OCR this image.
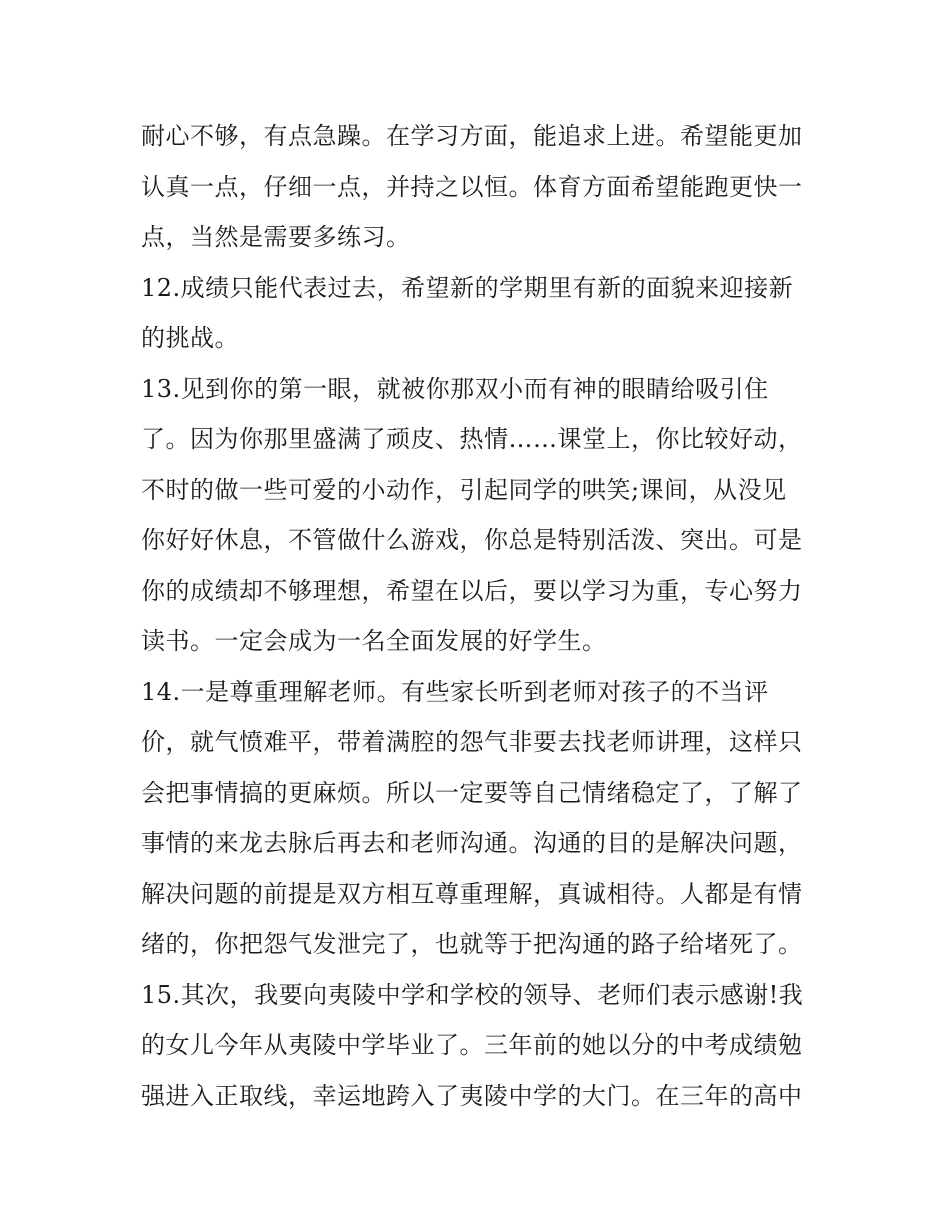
耐心不够，有点急躁。在学习方面，能追求上进。希望能更加
认真一点，仔细一点，并持之以恒。体育方面希望能跑更快一
点，当然是需要多练习。
12.成绩只能代表过去，希望新的学期里有新的面貌来迎接新
的挑战。
13.见到你的第一眼，就被你那双小而有神的眼睛给吸引住
了。因为你那里盛满了顽皮、热情……课堂上，你比较好动，
不时的做一些可爱的小动作，引起同学的哄笑;课间，从没见
你好好休息，不管做什么游戏，你总是特别活泼、突出。可是
你的成绩却不够理想，希望在以后，要以学习为重，专心努力
读书。一定会成为一名全面发展的好学生。
14.一是尊重理解老师。有些家长听到老师对孩子的不当评
价，就气愤难平，带着满腔的怨气非要去找老师讲理，这样只
会把事情搞的更麻烦。所以一定要等自己情绪稳定了，了解了
事情的来龙去脉后再去和老师沟通。沟通的目的是解决问题，
解决问题的前提是双方相互尊重理解，真诚相待。人都是有情
绪的，你把怨气发泄完了，也就等于把沟通的路子给堵死了。
15.其次，我要向夷陵中学和学校的领导、老师们表示感谢!我
的女儿今年从夷陵中学毕业了。三年前的她以分的中考成绩勉
强进入正取线，幸运地跨入了夷陵中学的大门。在三年的高中
